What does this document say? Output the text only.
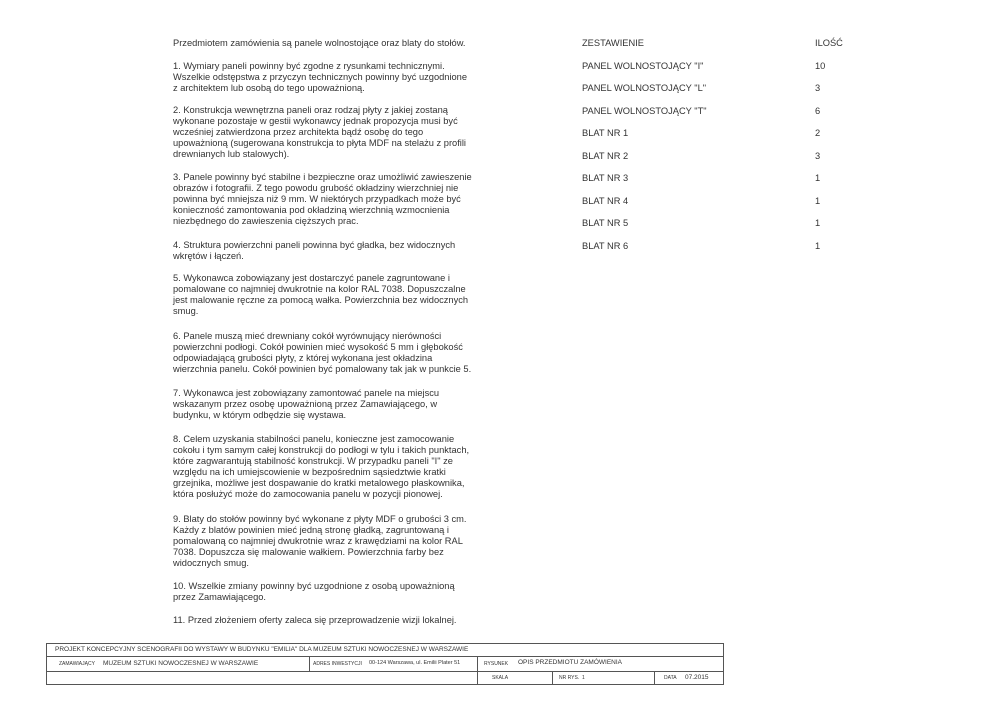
Przedmiotem zamówienia są panele wolnostojące oraz blaty do stołów.

1. Wymiary paneli powinny być zgodne z rysunkami technicznymi.
Wszelkie odstępstwa z przyczyn technicznych powinny być uzgodnione
z architektem lub osobą do tego upoważnioną.

2. Konstrukcja wewnętrzna paneli oraz rodzaj płyty z jakiej zostaną
wykonane pozostaje w gestii wykonawcy jednak propozycja musi być
wcześniej zatwierdzona przez architekta bądź osobę do tego
upoważnioną (sugerowana konstrukcja to płyta MDF na stelażu z profili
drewnianych lub stalowych).

3. Panele powinny być stabilne i bezpieczne oraz umożliwić zawieszenie
obrazów i fotografii. Z tego powodu grubość okładziny wierzchniej nie
powinna być mniejsza niż 9 mm. W niektórych przypadkach może być
konieczność zamontowania pod okładziną wierzchnią wzmocnienia
niezbędnego do zawieszenia cięższych prac.

4. Struktura powierzchni paneli powinna być gładka, bez widocznych
wkrętów i łączeń.

5. Wykonawca zobowiązany jest dostarczyć panele zagruntowane i
pomalowane co najmniej dwukrotnie na kolor RAL 7038. Dopuszczalne
jest malowanie ręczne za pomocą wałka. Powierzchnia bez widocznych
smug.

6. Panele muszą mieć drewniany cokół wyrównujący nierówności
powierzchni podłogi. Cokół powinien mieć wysokość 5 mm i głębokość
odpowiadającą grubości płyty, z której wykonana jest okładzina
wierzchnia panelu. Cokół powinien być pomalowany tak jak w punkcie 5.

7. Wykonawca jest zobowiązany zamontować panele na miejscu
wskazanym przez osobę upoważnioną przez Zamawiającego, w
budynku, w którym odbędzie się wystawa.

8. Celem uzyskania stabilności panelu, konieczne jest zamocowanie
cokołu i tym samym całej konstrukcji do podłogi w tylu i takich punktach,
które zagwarantują stabilność konstrukcji. W przypadku paneli "I" ze
względu na ich umiejscowienie w bezpośrednim sąsiedztwie kratki
grzejnika, możliwe jest dospawanie do kratki metalowego płaskownika,
która posłużyć może do zamocowania panelu w pozycji pionowej.

9. Blaty do stołów powinny być wykonane z płyty MDF o grubości 3 cm.
Każdy z blatów powinien mieć jedną stronę gładką, zagruntowaną i
pomalowaną co najmniej dwukrotnie wraz z krawędziami na kolor RAL
7038. Dopuszcza się malowanie wałkiem. Powierzchnia farby bez
widocznych smug.

10. Wszelkie zmiany powinny być uzgodnione z osobą upoważnioną
przez Zamawiającego.

11. Przed złożeniem oferty zaleca się przeprowadzenie wizji lokalnej.

ZESTAWIENIE	ILOŚĆ

PANEL WOLNOSTOJĄCY "I"	10

PANEL WOLNOSTOJĄCY "L"	3

PANEL WOLNOSTOJĄCY "T"	6

BLAT NR 1	2

BLAT NR 2	3

BLAT NR 3	1

BLAT NR 4	1

BLAT NR 5	1

BLAT NR 6	1

PROJEKT KONCEPCYJNY SCENOGRAFII DO WYSTAWY W BUDYNKU "EMILIA" DLA MUZEUM SZTUKI NOWOCZESNEJ W WARSZAWIE

ZAMAWIAJĄCY MUZEUM SZTUKI NOWOCZESNEJ W WARSZAWIE	ADRES INWESTYCJI 00-124 Warszawa, ul. Emilii Plater 51	RYSUNEK OPIS PRZEDMIOTU ZAMÓWIENIA

SKALA	NR RYS. 1	DATA 07.2015
